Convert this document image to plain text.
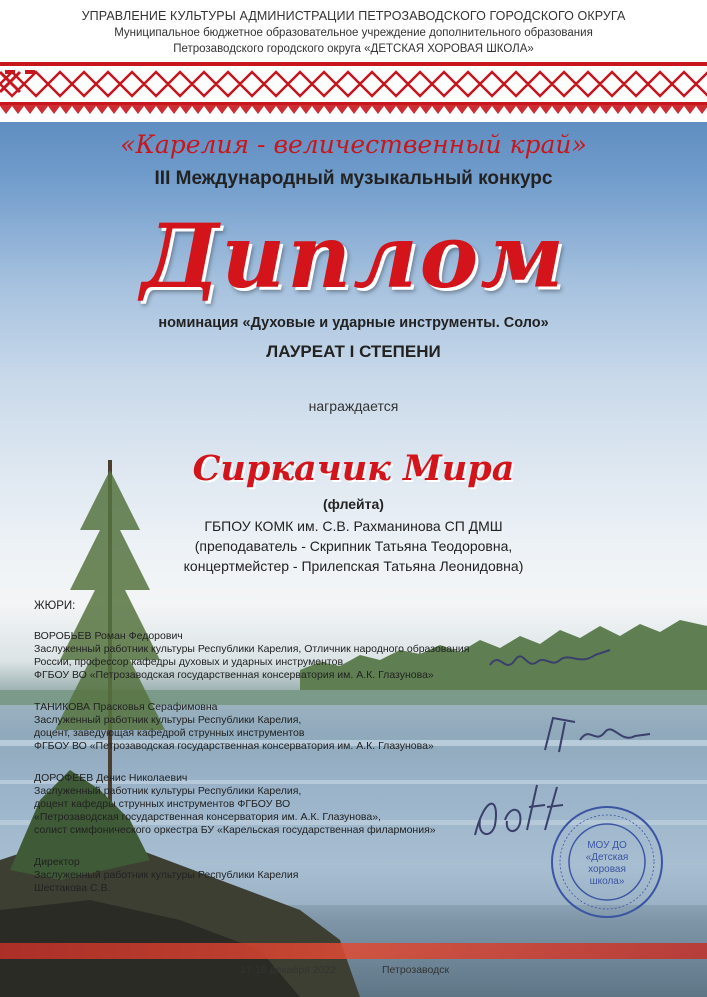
УПРАВЛЕНИЕ КУЛЬТУРЫ АДМИНИСТРАЦИИ ПЕТРОЗАВОДСКОГО ГОРОДСКОГО ОКРУГА
Муниципальное бюджетное образовательное учреждение дополнительного образования
Петрозаводского городского округа «ДЕТСКАЯ ХОРОВАЯ ШКОЛА»
«Карелия - величественный край»
III Международный музыкальный конкурс
Диплом
номинация «Духовые и ударные инструменты. Соло»
ЛАУРЕАТ I СТЕПЕНИ
награждается
Сиркачик Мира
(флейта)
ГБПОУ КОМК им. С.В. Рахманинова СП ДМШ
(преподаватель - Скрипник Татьяна Теодоровна,
концертмейстер - Прилепская Татьяна Леонидовна)
ЖЮРИ:
ВОРОБЬЕВ Роман Федорович
Заслуженный работник культуры Республики Карелия, Отличник народного образования
России, профессор кафедры духовых и ударных инструментов
ФГБОУ ВО «Петрозаводская государственная консерватория им. А.К. Глазунова»
ТАНИКОВА Прасковья Серафимовна
Заслуженный работник культуры Республики Карелия,
доцент, заведующая кафедрой струнных инструментов
ФГБОУ ВО «Петрозаводская государственная консерватория им. А.К. Глазунова»
ДОРОФЕЕВ Денис Николаевич
Заслуженный работник культуры Республики Карелия,
доцент кафедры струнных инструментов ФГБОУ ВО
«Петрозаводская государственная консерватория им. А.К. Глазунова»,
солист симфонического оркестра БУ «Карельская государственная филармония»
Директор
Заслуженный работник культуры Республики Карелия
Шестакова С.В.
МОУ ДО
«Детская
хоровая
школа»
17-18 декабря 2022	Петрозаводск
